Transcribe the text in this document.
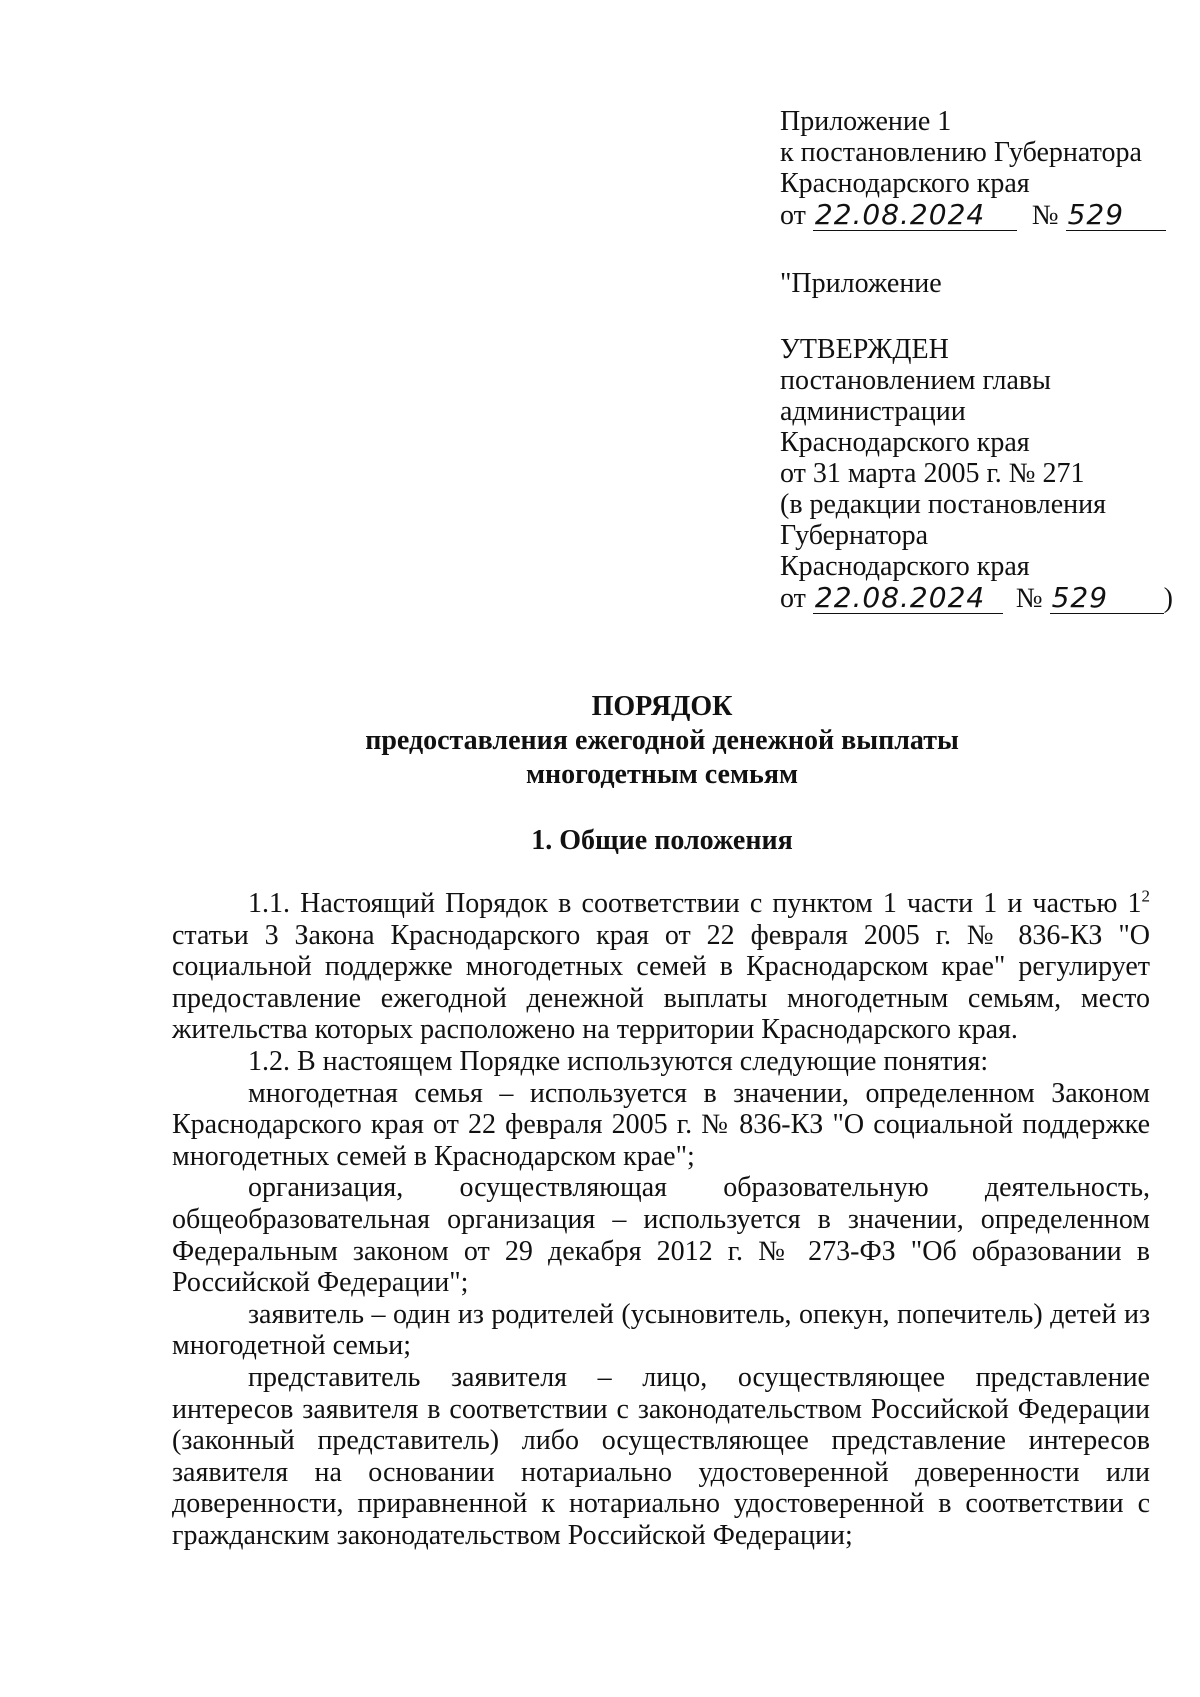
Приложение 1
к постановлению Губернатора
Краснодарского края
от 22.08.2024 № 529
"Приложение
УТВЕРЖДЕН
постановлением главы
администрации
Краснодарского края
от 31 марта 2005 г. № 271
(в редакции постановления
Губернатора
Краснодарского края
от 22.08.2024 № 529 )
ПОРЯДОК
предоставления ежегодной денежной выплаты
многодетным семьям
1. Общие положения

1.1. Настоящий Порядок в соответствии с пунктом 1 части 1 и частью $1^2$ статьи 3 Закона Краснодарского края от 22 февраля 2005 г. № 836-КЗ "О социальной поддержке многодетных семей в Краснодарском крае" регулирует предоставление ежегодной денежной выплаты многодетным семьям, место жительства которых расположено на территории Краснодарского края.

1.2. В настоящем Порядке используются следующие понятия:

многодетная семья – используется в значении, определенном Законом Краснодарского края от 22 февраля 2005 г. № 836-КЗ "О социальной поддержке многодетных семей в Краснодарском крае";

организация, осуществляющая образовательную деятельность, общеобразовательная организация – используется в значении, определенном Федеральным законом от 29 декабря 2012 г. № 273-ФЗ "Об образовании в Российской Федерации";

заявитель – один из родителей (усыновитель, опекун, попечитель) детей из многодетной семьи;

представитель заявителя – лицо, осуществляющее представление интересов заявителя в соответствии с законодательством Российской Федерации (законный представитель) либо осуществляющее представление интересов заявителя на основании нотариально удостоверенной доверенности или доверенности, приравненной к нотариально удостоверенной в соответствии с гражданским законодательством Российской Федерации;
